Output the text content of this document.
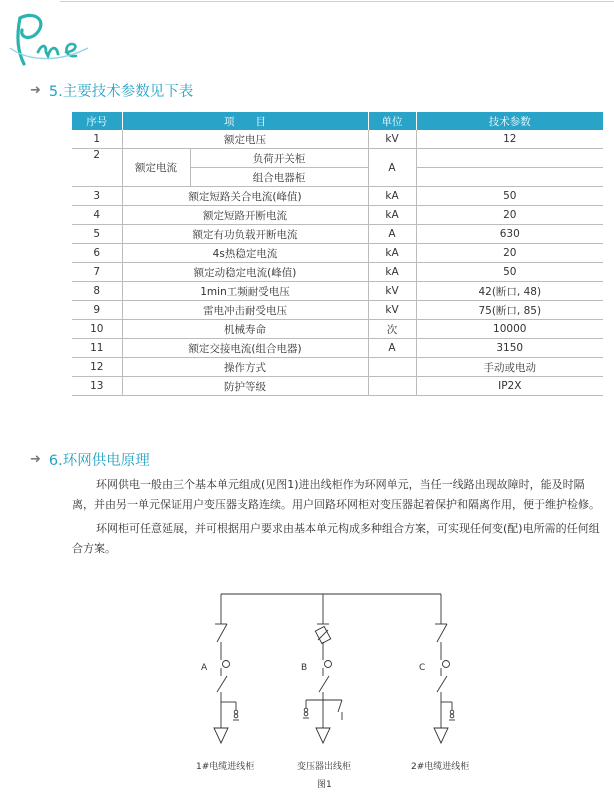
➜ 5.主要技术参数见下表
序号	项　　目		单位	技术参数
1	额定电压		kV	12
2	额定电流	负荷开关柜	A	
		组合电器柜		
3	额定短路关合电流(峰值)		kA	50
4	额定短路开断电流		kA	20
5	额定有功负载开断电流		A	630
6	4s热稳定电流		kA	20
7	额定动稳定电流(峰值)		kA	50
8	1min工频耐受电压		kV	42(断口, 48)
9	雷电冲击耐受电压		kV	75(断口, 85)
10	机械寿命		次	10000
11	额定交接电流(组合电器)		A	3150
12	操作方式			手动或电动
13	防护等级			IP2X
➜ 6.环网供电原理

环网供电一般由三个基本单元组成(见图1)进出线柜作为环网单元，当任一线路出现故障时，能及时隔离，并由另一单元保证用户变压器支路连续。用户回路环网柜对变压器起着保护和隔离作用，便于维护检修。

环网柜可任意延展，并可根据用户要求由基本单元构成多种组合方案，可实现任何变(配)电所需的任何组合方案。

A	B	C
1#电缆进线柜	变压器出线柜	2#电缆进线柜
图1
